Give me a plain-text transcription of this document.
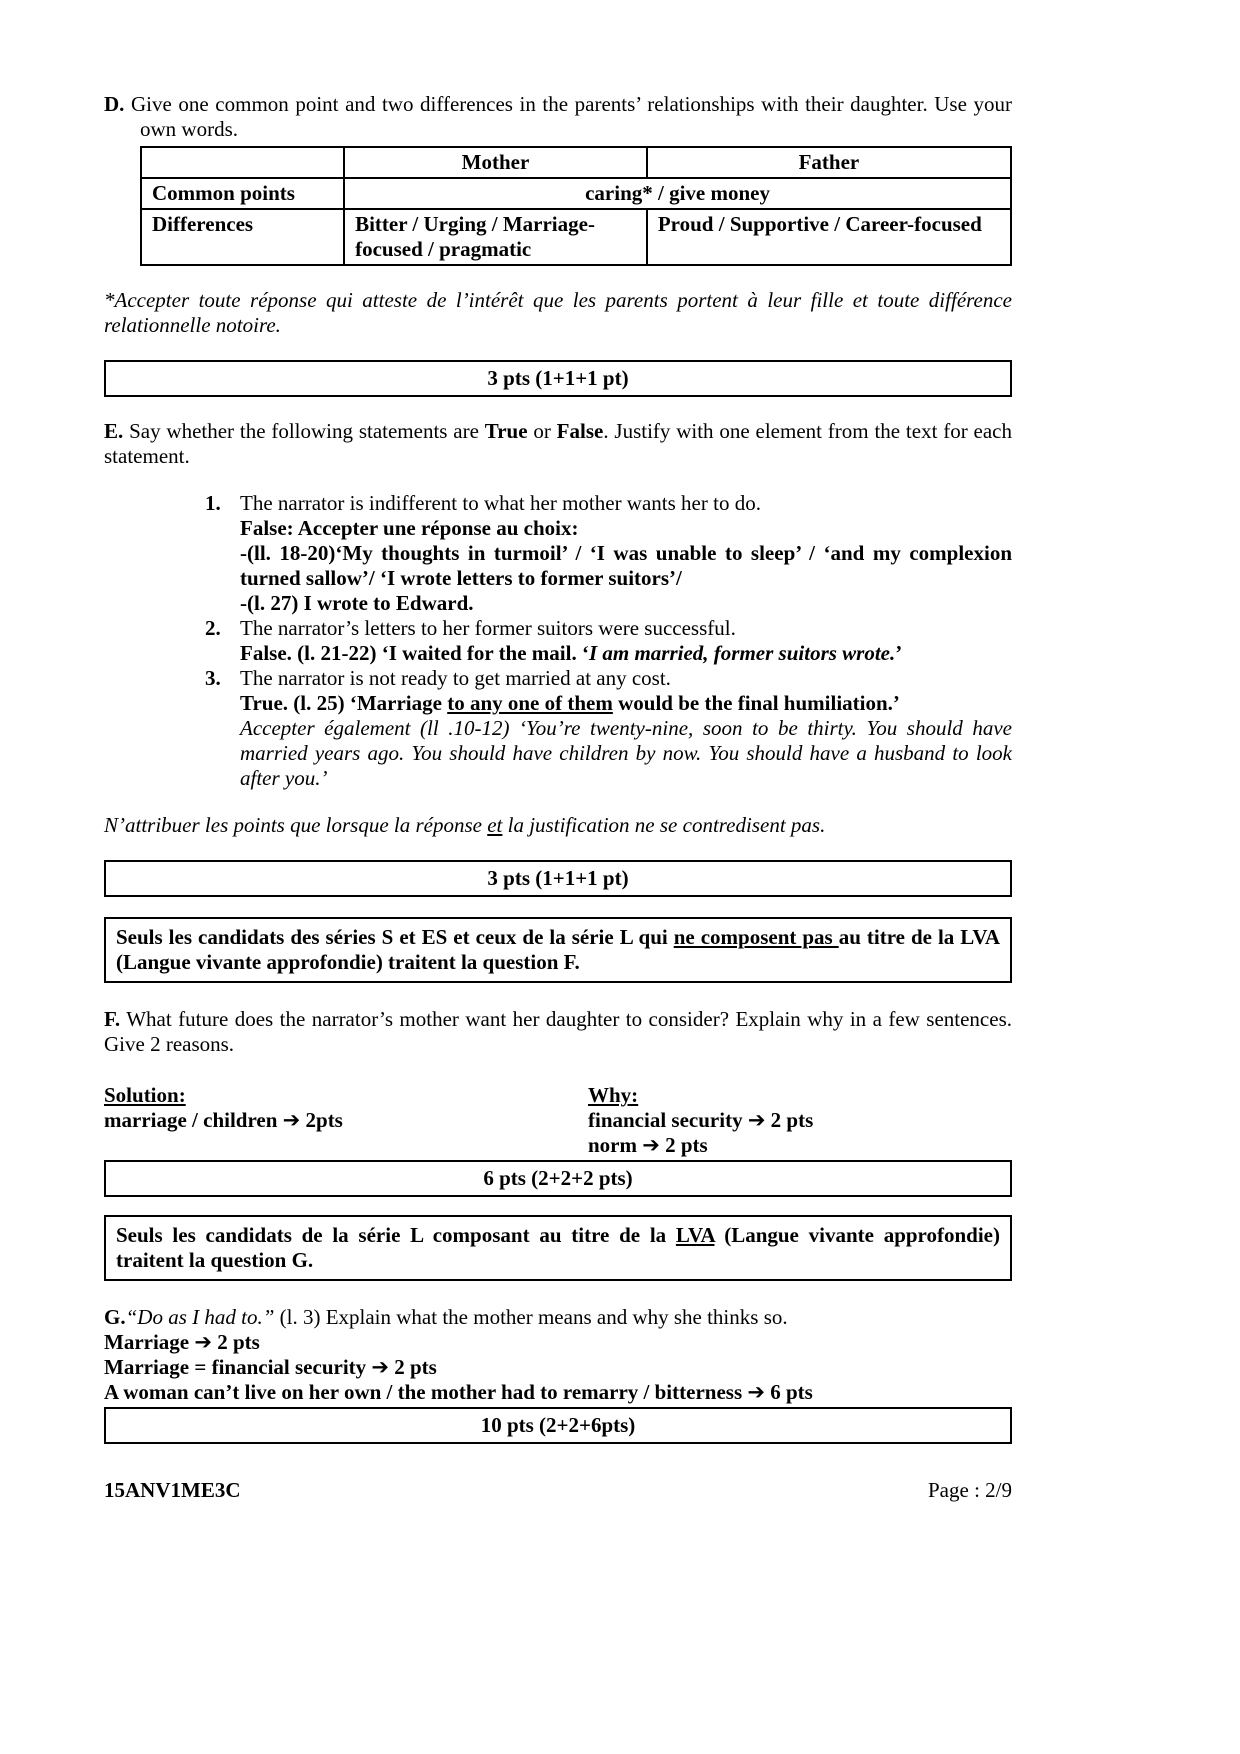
D. Give one common point and two differences in the parents’ relationships with their daughter. Use your own words.

	Mother	Father
Common points	caring* / give money	
Differences	Bitter / Urging / Marriage-focused / pragmatic	Proud / Supportive / Career-focused

*Accepter toute réponse qui atteste de l’intérêt que les parents portent à leur fille et toute différence relationnelle notoire.

3 pts (1+1+1 pt)

E. Say whether the following statements are True or False. Justify with one element from the text for each statement.

1. The narrator is indifferent to what her mother wants her to do.
False: Accepter une réponse au choix:
-(ll. 18-20)‘My thoughts in turmoil’ / ‘I was unable to sleep’ / ‘and my complexion turned sallow’/ ‘I wrote letters to former suitors’/
-(l. 27) I wrote to Edward.
2. The narrator’s letters to her former suitors were successful.
False. (l. 21-22) ‘I waited for the mail. ‘I am married, former suitors wrote.’
3. The narrator is not ready to get married at any cost.
True. (l. 25) ‘Marriage to any one of them would be the final humiliation.’
Accepter également (ll .10-12) ‘You’re twenty-nine, soon to be thirty. You should have married years ago. You should have children by now. You should have a husband to look after you.’

N’attribuer les points que lorsque la réponse et la justification ne se contredisent pas.

3 pts (1+1+1 pt)
Seuls les candidats des séries S et ES et ceux de la série L qui ne composent pas au titre de la LVA (Langue vivante approfondie) traitent la question F.

F. What future does the narrator’s mother want her daughter to consider? Explain why in a few sentences. Give 2 reasons.

Solution:
marriage / children ➔ 2pts
Why:
financial security ➔ 2 pts
norm ➔ 2 pts
6 pts (2+2+2 pts)
Seuls les candidats de la série L composant au titre de la LVA (Langue vivante approfondie) traitent la question G.

G.“Do as I had to.” (l. 3) Explain what the mother means and why she thinks so.

Marriage ➔ 2 pts
Marriage = financial security ➔ 2 pts
A woman can’t live on her own / the mother had to remarry / bitterness ➔ 6 pts
10 pts (2+2+6pts)
15ANV1ME3C	Page : 2/9
